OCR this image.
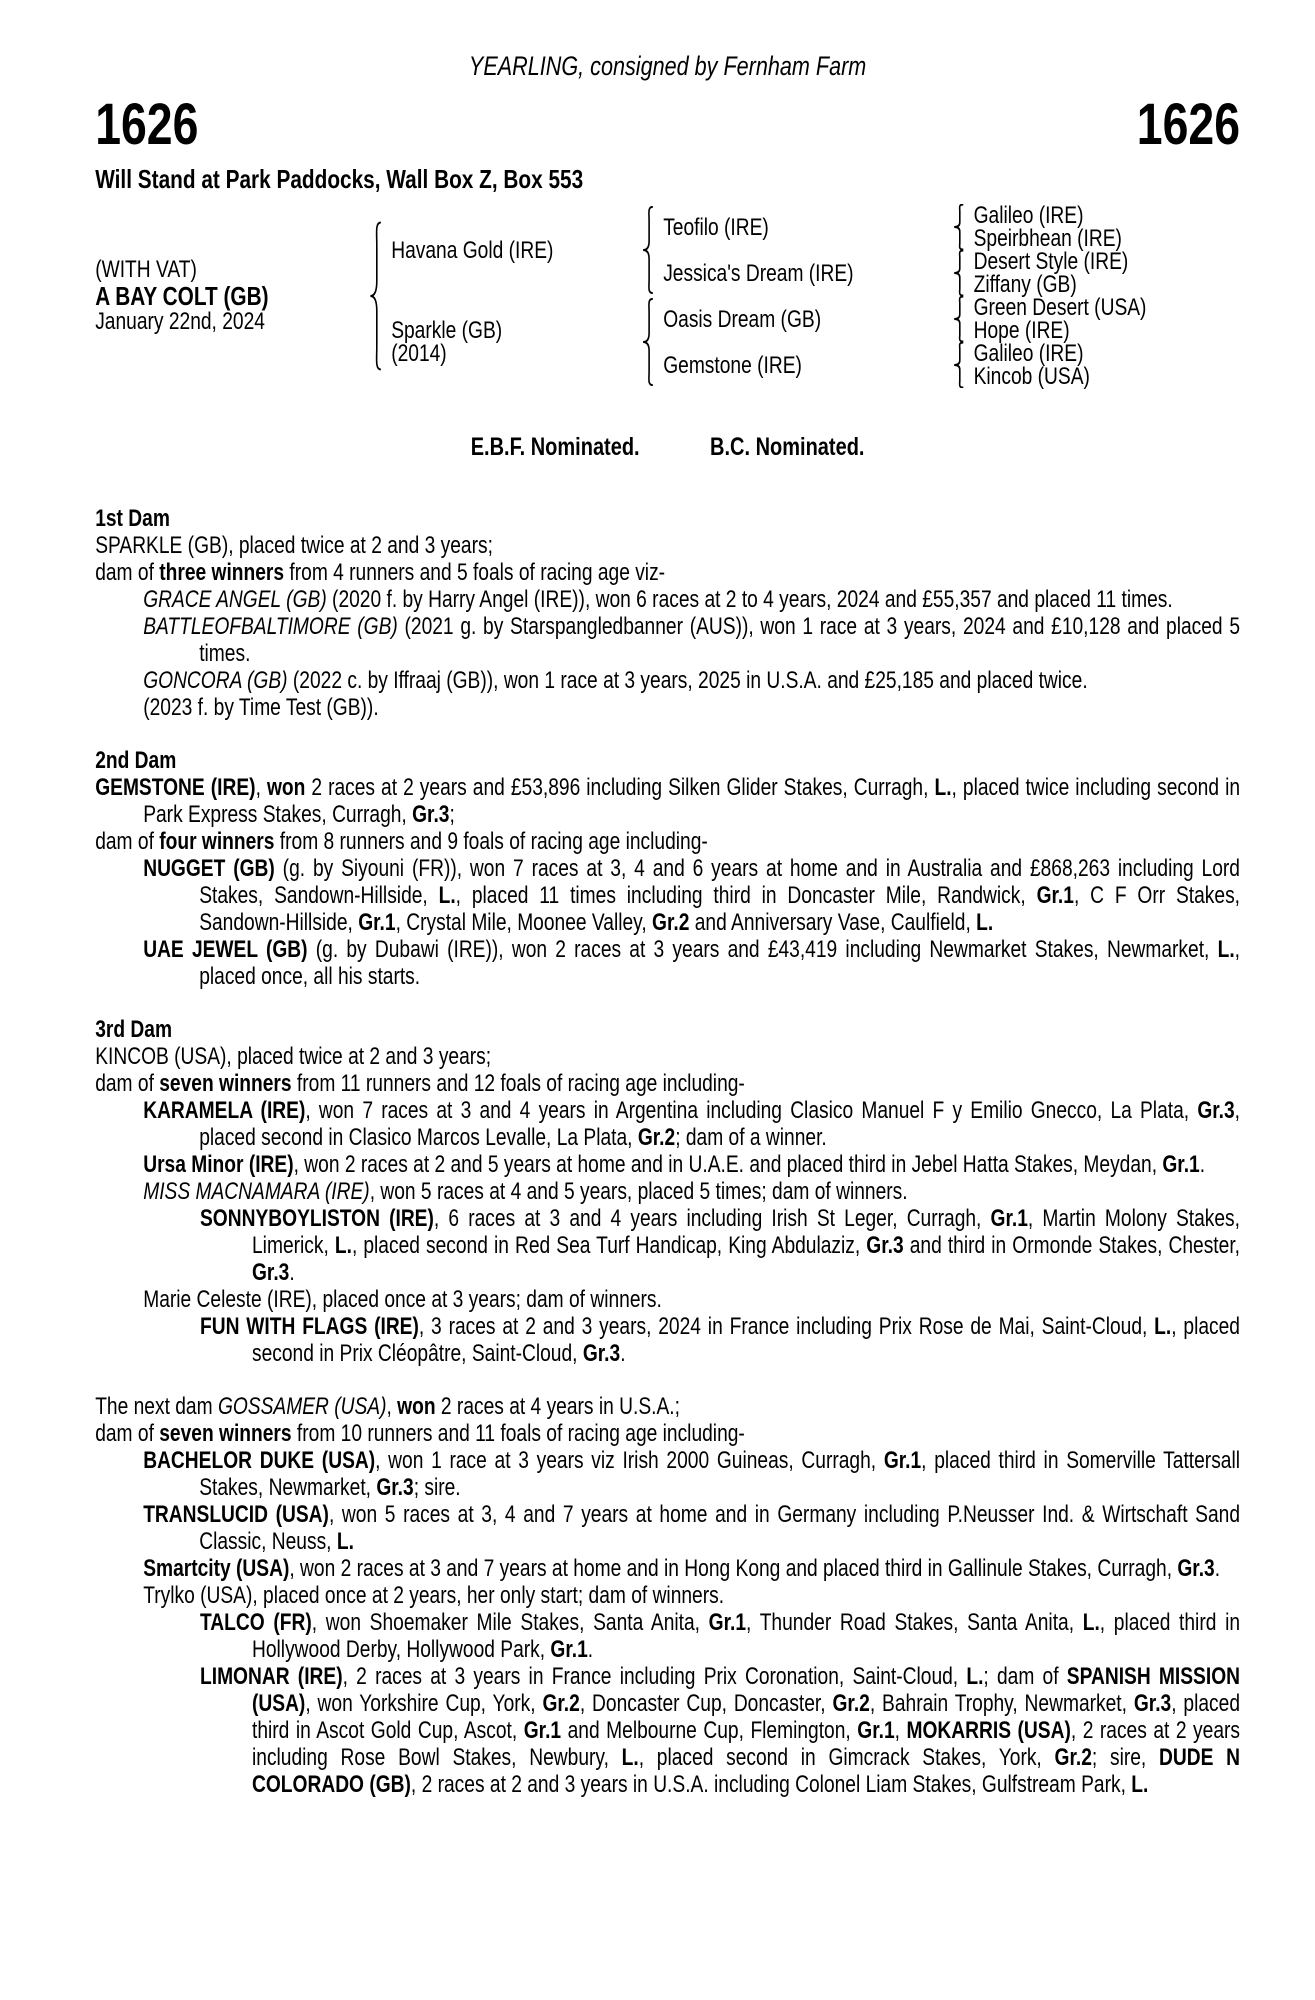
YEARLING, consigned by Fernham Farm
1626	1626
Will Stand at Park Paddocks, Wall Box Z, Box 553
(WITH VAT)
A BAY COLT (GB)
January 22nd, 2024
Havana Gold (IRE)
Sparkle (GB)
(2014)
Teofilo (IRE)
Jessica's Dream (IRE)
Oasis Dream (GB)
Gemstone (IRE)
Galileo (IRE)
Speirbhean (IRE)
Desert Style (IRE)
Ziffany (GB)
Green Desert (USA)
Hope (IRE)
Galileo (IRE)
Kincob (USA)
E.B.F. Nominated.	B.C. Nominated.
1st Dam
SPARKLE (GB), placed twice at 2 and 3 years;
dam of three winners from 4 runners and 5 foals of racing age viz-
GRACE ANGEL (GB) (2020 f. by Harry Angel (IRE)), won 6 races at 2 to 4 years, 2024 and £55,357 and placed 11 times.
BATTLEOFBALTIMORE (GB) (2021 g. by Starspangledbanner (AUS)), won 1 race at 3 years, 2024 and £10,128 and placed 5 times.
GONCORA (GB) (2022 c. by Iffraaj (GB)), won 1 race at 3 years, 2025 in U.S.A. and £25,185 and placed twice.
(2023 f. by Time Test (GB)).
2nd Dam
GEMSTONE (IRE), won 2 races at 2 years and £53,896 including Silken Glider Stakes, Curragh, L., placed twice including second in Park Express Stakes, Curragh, Gr.3;
dam of four winners from 8 runners and 9 foals of racing age including-
NUGGET (GB) (g. by Siyouni (FR)), won 7 races at 3, 4 and 6 years at home and in Australia and £868,263 including Lord Stakes, Sandown-Hillside, L., placed 11 times including third in Doncaster Mile, Randwick, Gr.1, C F Orr Stakes, Sandown-Hillside, Gr.1, Crystal Mile, Moonee Valley, Gr.2 and Anniversary Vase, Caulfield, L.
UAE JEWEL (GB) (g. by Dubawi (IRE)), won 2 races at 3 years and £43,419 including Newmarket Stakes, Newmarket, L., placed once, all his starts.
3rd Dam
KINCOB (USA), placed twice at 2 and 3 years;
dam of seven winners from 11 runners and 12 foals of racing age including-
KARAMELA (IRE), won 7 races at 3 and 4 years in Argentina including Clasico Manuel F y Emilio Gnecco, La Plata, Gr.3, placed second in Clasico Marcos Levalle, La Plata, Gr.2; dam of a winner.
Ursa Minor (IRE), won 2 races at 2 and 5 years at home and in U.A.E. and placed third in Jebel Hatta Stakes, Meydan, Gr.1.
MISS MACNAMARA (IRE), won 5 races at 4 and 5 years, placed 5 times; dam of winners.
SONNYBOYLISTON (IRE), 6 races at 3 and 4 years including Irish St Leger, Curragh, Gr.1, Martin Molony Stakes, Limerick, L., placed second in Red Sea Turf Handicap, King Abdulaziz, Gr.3 and third in Ormonde Stakes, Chester, Gr.3.
Marie Celeste (IRE), placed once at 3 years; dam of winners.
FUN WITH FLAGS (IRE), 3 races at 2 and 3 years, 2024 in France including Prix Rose de Mai, Saint-Cloud, L., placed second in Prix Cléopâtre, Saint-Cloud, Gr.3.
The next dam GOSSAMER (USA), won 2 races at 4 years in U.S.A.;
dam of seven winners from 10 runners and 11 foals of racing age including-
BACHELOR DUKE (USA), won 1 race at 3 years viz Irish 2000 Guineas, Curragh, Gr.1, placed third in Somerville Tattersall Stakes, Newmarket, Gr.3; sire.
TRANSLUCID (USA), won 5 races at 3, 4 and 7 years at home and in Germany including P.Neusser Ind. & Wirtschaft Sand Classic, Neuss, L.
Smartcity (USA), won 2 races at 3 and 7 years at home and in Hong Kong and placed third in Gallinule Stakes, Curragh, Gr.3.
Trylko (USA), placed once at 2 years, her only start; dam of winners.
TALCO (FR), won Shoemaker Mile Stakes, Santa Anita, Gr.1, Thunder Road Stakes, Santa Anita, L., placed third in Hollywood Derby, Hollywood Park, Gr.1.
LIMONAR (IRE), 2 races at 3 years in France including Prix Coronation, Saint-Cloud, L.; dam of SPANISH MISSION (USA), won Yorkshire Cup, York, Gr.2, Doncaster Cup, Doncaster, Gr.2, Bahrain Trophy, Newmarket, Gr.3, placed third in Ascot Gold Cup, Ascot, Gr.1 and Melbourne Cup, Flemington, Gr.1, MOKARRIS (USA), 2 races at 2 years including Rose Bowl Stakes, Newbury, L., placed second in Gimcrack Stakes, York, Gr.2; sire, DUDE N COLORADO (GB), 2 races at 2 and 3 years in U.S.A. including Colonel Liam Stakes, Gulfstream Park, L.
